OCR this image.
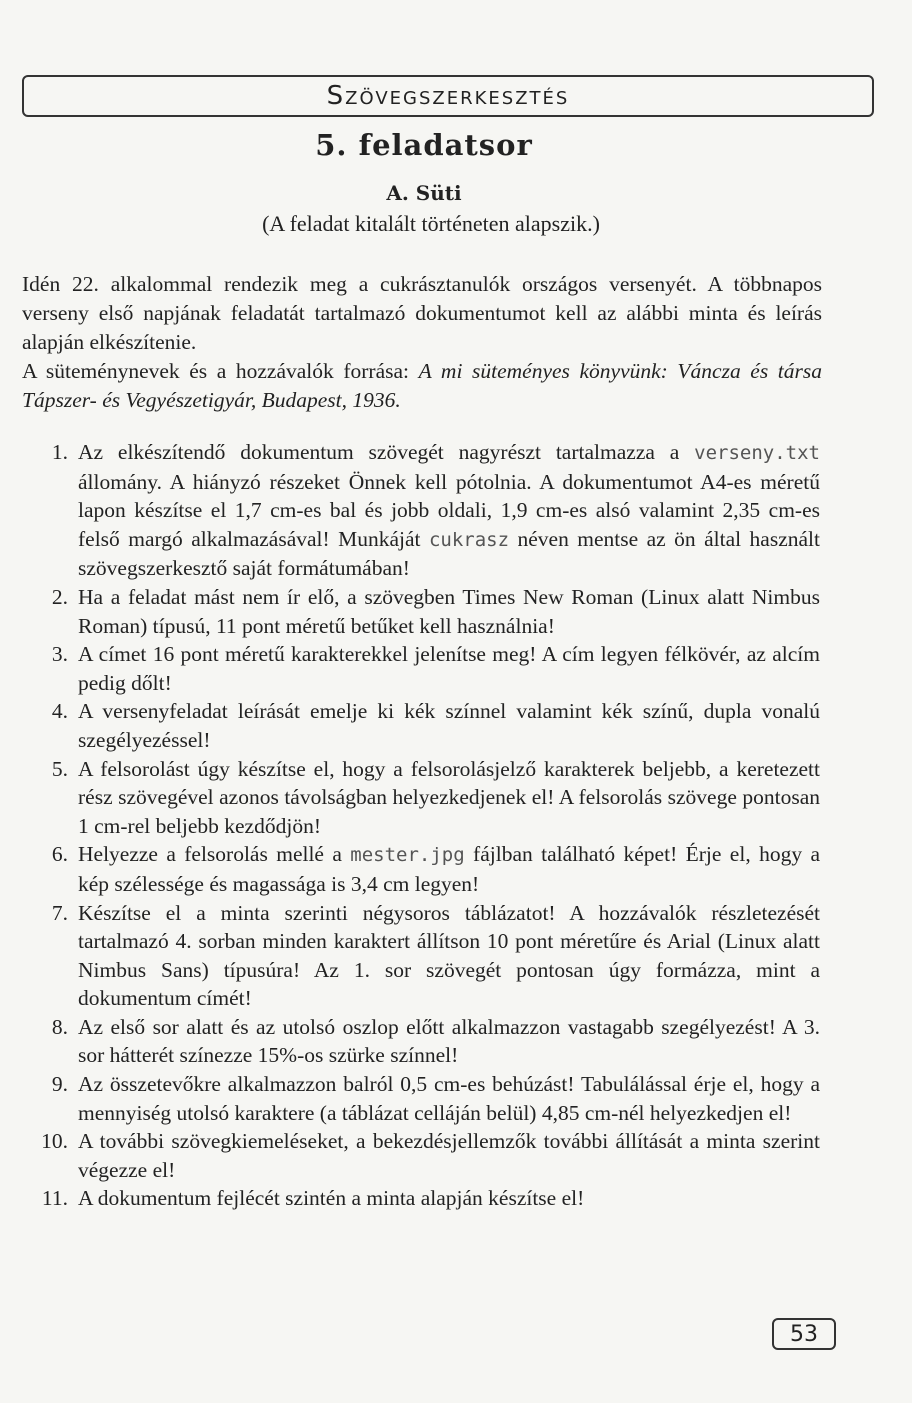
Szövegszerkesztés
5. feladatsor
A. Süti
(A feladat kitalált történeten alapszik.)

Idén 22. alkalommal rendezik meg a cukrásztanulók országos versenyét. A többnapos verseny első napjának feladatát tartalmazó dokumentumot kell az alábbi minta és leírás alapján elkészítenie.

A süteménynevek és a hozzávalók forrása: A mi süteményes könyvünk: Váncza és társa Tápszer- és Vegyészetigyár, Budapest, 1936.

1. Az elkészítendő dokumentum szövegét nagyrészt tartalmazza a verseny.txt állomány. A hiányzó részeket Önnek kell pótolnia. A dokumentumot A4-es méretű lapon készítse el 1,7 cm-es bal és jobb oldali, 1,9 cm-es alsó valamint 2,35 cm-es felső margó alkalmazásával! Munkáját cukrasz néven mentse az ön által használt szövegszerkesztő saját formátumában!
2. Ha a feladat mást nem ír elő, a szövegben Times New Roman (Linux alatt Nimbus Roman) típusú, 11 pont méretű betűket kell használnia!
3. A címet 16 pont méretű karakterekkel jelenítse meg! A cím legyen félkövér, az alcím pedig dőlt!
4. A versenyfeladat leírását emelje ki kék színnel valamint kék színű, dupla vonalú szegélyezéssel!
5. A felsorolást úgy készítse el, hogy a felsorolásjelző karakterek beljebb, a keretezett rész szövegével azonos távolságban helyezkedjenek el! A felsorolás szövege pontosan 1 cm-rel beljebb kezdődjön!
6. Helyezze a felsorolás mellé a mester.jpg fájlban található képet! Érje el, hogy a kép szélessége és magassága is 3,4 cm legyen!
7. Készítse el a minta szerinti négysoros táblázatot! A hozzávalók részletezését tartalmazó 4. sorban minden karaktert állítson 10 pont méretűre és Arial (Linux alatt Nimbus Sans) típusúra! Az 1. sor szövegét pontosan úgy formázza, mint a dokumentum címét!
8. Az első sor alatt és az utolsó oszlop előtt alkalmazzon vastagabb szegélyezést! A 3. sor hátterét színezze 15%-os szürke színnel!
9. Az összetevőkre alkalmazzon balról 0,5 cm-es behúzást! Tabulálással érje el, hogy a mennyiség utolsó karaktere (a táblázat celláján belül) 4,85 cm-nél helyezkedjen el!
10. A további szövegkiemeléseket, a bekezdésjellemzők további állítását a minta szerint végezze el!
11. A dokumentum fejlécét szintén a minta alapján készítse el!
53
